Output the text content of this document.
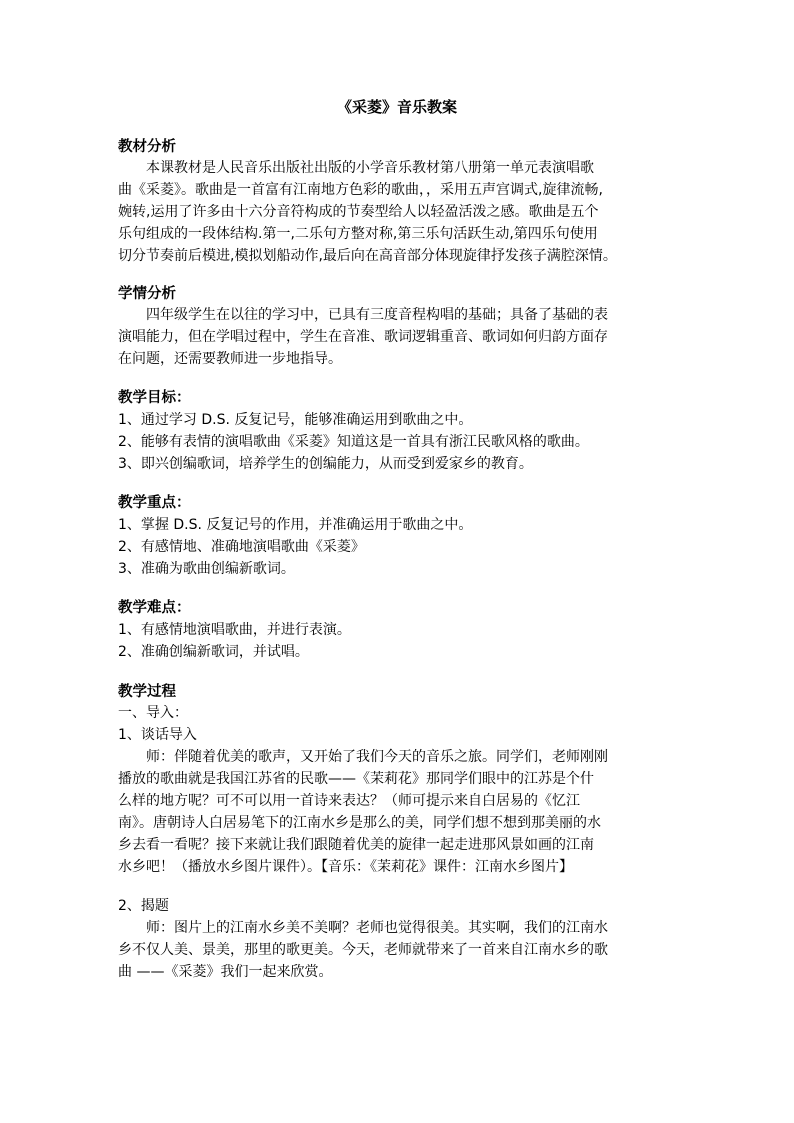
《采菱》音乐教案
教材分析

本课教材是人民音乐出版社出版的小学音乐教材第八册第一单元表演唱歌

曲《采菱》。歌曲是一首富有江南地方色彩的歌曲，，采用五声宫调式,旋律流畅,

婉转,运用了许多由十六分音符构成的节奏型给人以轻盈活泼之感。歌曲是五个

乐句组成的一段体结构.第一,二乐句方整对称,第三乐句活跃生动,第四乐句使用

切分节奏前后模进,模拟划船动作,最后向在高音部分体现旋律抒发孩子满腔深情。

学情分析

四年级学生在以往的学习中，已具有三度音程构唱的基础；具备了基础的表

演唱能力，但在学唱过程中，学生在音准、歌词逻辑重音、歌词如何归韵方面存

在问题，还需要教师进一步地指导。

教学目标：

1、通过学习 D.S. 反复记号，能够准确运用到歌曲之中。

2、能够有表情的演唱歌曲《采菱》知道这是一首具有浙江民歌风格的歌曲。

3、即兴创编歌词，培养学生的创编能力，从而受到爱家乡的教育。

教学重点：

1、掌握 D.S. 反复记号的作用，并准确运用于歌曲之中。

2、有感情地、准确地演唱歌曲《采菱》

3、准确为歌曲创编新歌词。

教学难点：

1、有感情地演唱歌曲，并进行表演。

2、准确创编新歌词，并试唱。

教学过程

一、导入：

1、谈话导入

师：伴随着优美的歌声，又开始了我们今天的音乐之旅。同学们，老师刚刚

播放的歌曲就是我国江苏省的民歌——《茉莉花》那同学们眼中的江苏是个什

么样的地方呢？可不可以用一首诗来表达？（师可提示来自白居易的《忆江

南》。唐朝诗人白居易笔下的江南水乡是那么的美，同学们想不想到那美丽的水

乡去看一看呢？接下来就让我们跟随着优美的旋律一起走进那风景如画的江南

水乡吧！（播放水乡图片课件）。【音乐：《茉莉花》课件：江南水乡图片】

2、揭题

师：图片上的江南水乡美不美啊？老师也觉得很美。其实啊，我们的江南水

乡不仅人美、景美，那里的歌更美。今天，老师就带来了一首来自江南水乡的歌

曲 ——《采菱》我们一起来欣赏。
